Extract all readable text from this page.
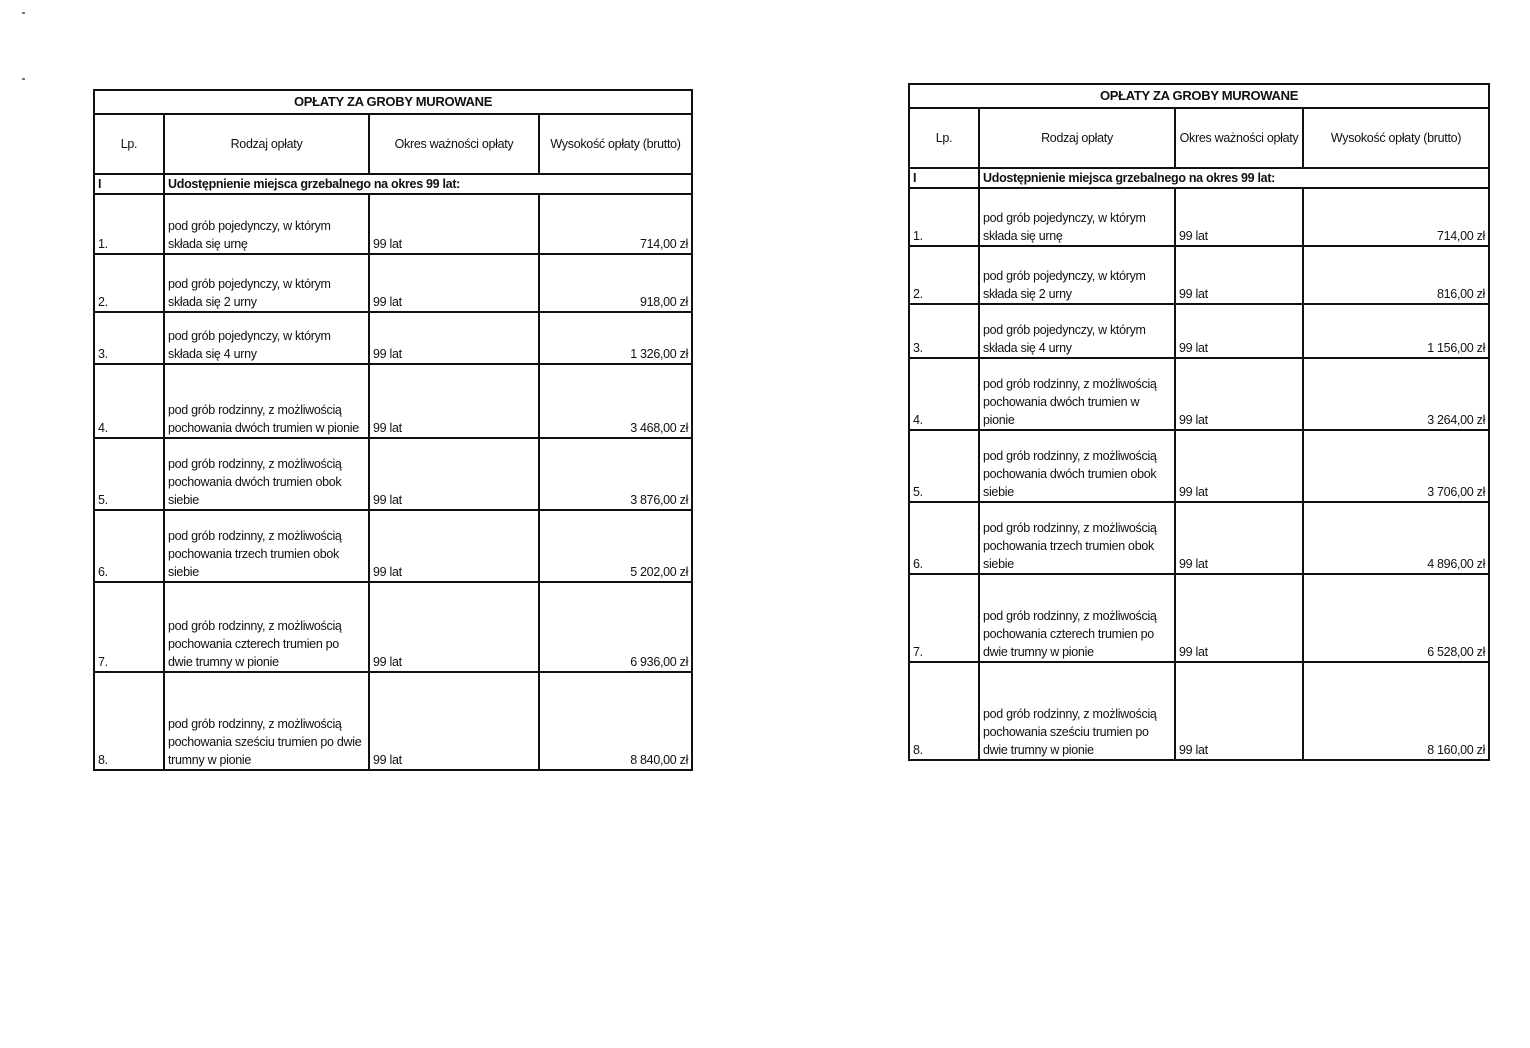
OPŁATY ZA GROBY MUROWANE			
Lp.	Rodzaj opłaty	Okres ważności opłaty	Wysokość opłaty (brutto)
I	Udostępnienie miejsca grzebalnego na okres 99 lat:		
1.	pod grób pojedynczy, w którym składa się urnę	99 lat	714,00 zł
2.	pod grób pojedynczy, w którym składa się 2 urny	99 lat	918,00 zł
3.	pod grób pojedynczy, w którym składa się 4 urny	99 lat	1 326,00 zł
4.	pod grób rodzinny, z możliwością pochowania dwóch trumien w pionie	99 lat	3 468,00 zł
5.	pod grób rodzinny, z możliwością pochowania dwóch trumien obok siebie	99 lat	3 876,00 zł
6.	pod grób rodzinny, z możliwością pochowania trzech trumien obok siebie	99 lat	5 202,00 zł
7.	pod grób rodzinny, z możliwością pochowania czterech trumien po dwie trumny w pionie	99 lat	6 936,00 zł
8.	pod grób rodzinny, z możliwością pochowania sześciu trumien po dwie trumny w pionie	99 lat	8 840,00 zł
OPŁATY ZA GROBY MUROWANE			
Lp.	Rodzaj opłaty	Okres ważności opłaty	Wysokość opłaty (brutto)
I	Udostępnienie miejsca grzebalnego na okres 99 lat:		
1.	pod grób pojedynczy, w którym składa się urnę	99 lat	714,00 zł
2.	pod grób pojedynczy, w którym składa się 2 urny	99 lat	816,00 zł
3.	pod grób pojedynczy, w którym składa się 4 urny	99 lat	1 156,00 zł
4.	pod grób rodzinny, z możliwością pochowania dwóch trumien w pionie	99 lat	3 264,00 zł
5.	pod grób rodzinny, z możliwością pochowania dwóch trumien obok siebie	99 lat	3 706,00 zł
6.	pod grób rodzinny, z możliwością pochowania trzech trumien obok siebie	99 lat	4 896,00 zł
7.	pod grób rodzinny, z możliwością pochowania czterech trumien po dwie trumny w pionie	99 lat	6 528,00 zł
8.	pod grób rodzinny, z możliwością pochowania sześciu trumien po dwie trumny w pionie	99 lat	8 160,00 zł
